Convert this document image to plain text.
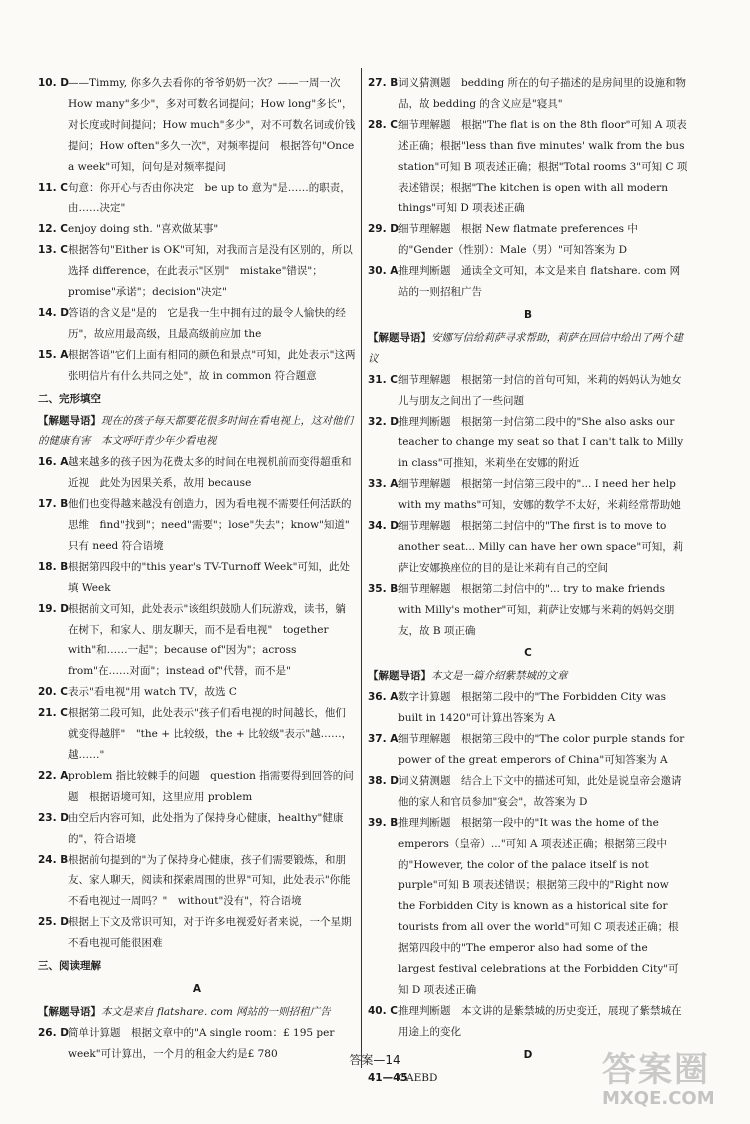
10. D ——Timmy, 你多久去看你的爷爷奶奶一次？——一周一次　How many"多少"，多对可数名词提问；How long"多长"，对长度或时间提问；How much"多少"，对不可数名词或价钱提问；How often"多久一次"，对频率提问　根据答句"Once a week"可知，问句是对频率提问
11. C 句意：你开心与否由你决定　be up to 意为"是……的职责，由……决定"
12. C enjoy doing sth. "喜欢做某事"
13. C 根据答句"Either is OK"可知，对我而言是没有区别的，所以选择 difference，在此表示"区别"　mistake"错误"；promise"承诺"；decision"决定"
14. D 答语的含义是"是的　它是我一生中拥有过的最令人愉快的经历"，故应用最高级，且最高级前应加 the
15. A 根据答语"它们上面有相同的颜色和景点"可知，此处表示"这两张明信片有什么共同之处"，故 in common 符合题意
二、完形填空
【解题导语】现在的孩子每天都要花很多时间在看电视上，这对他们的健康有害　本文呼吁青少年少看电视
16. A 越来越多的孩子因为花费太多的时间在电视机前而变得超重和近视　此处为因果关系，故用 because
17. B 他们也变得越来越没有创造力，因为看电视不需要任何活跃的思维　find"找到"；need"需要"；lose"失去"；know"知道"　只有 need 符合语境
18. B 根据第四段中的"this year's TV-Turnoff Week"可知，此处填 Week
19. D 根据前文可知，此处表示"该组织鼓励人们玩游戏，读书，躺在树下，和家人、朋友聊天，而不是看电视"　together with"和……一起"；because of"因为"；across from"在……对面"；instead of"代替，而不是"
20. C 表示"看电视"用 watch TV，故选 C
21. C 根据第二段可知，此处表示"孩子们看电视的时间越长，他们就变得越胖"　"the + 比较级，the + 比较级"表示"越……，越……"
22. A problem 指比较棘手的问题　question 指需要得到回答的问题　根据语境可知，这里应用 problem
23. D 由空后内容可知，此处指为了保持身心健康，healthy"健康的"，符合语境
24. B 根据前句提到的"为了保持身心健康，孩子们需要锻炼，和朋友、家人聊天，阅读和探索周围的世界"可知，此处表示"你能不看电视过一周吗？"　without"没有"，符合语境
25. D 根据上下文及常识可知，对于许多电视爱好者来说，一个星期不看电视可能很困难
三、阅读理解
A
【解题导语】本文是来自 flatshare. com 网站的一则招租广告
26. D 简单计算题　根据文章中的"A single room：£ 195 per week"可计算出，一个月的租金大约是£ 780
27. B 词义猜测题　bedding 所在的句子描述的是房间里的设施和物品，故 bedding 的含义应是"寝具"
28. C 细节理解题　根据"The flat is on the 8th floor"可知 A 项表述正确；根据"less than five minutes' walk from the bus station"可知 B 项表述正确；根据"Total rooms 3"可知 C 项表述错误；根据"The kitchen is open with all modern things"可知 D 项表述正确
29. D 细节理解题　根据 New flatmate preferences 中的"Gender（性别）：Male（男）"可知答案为 D
30. A 推理判断题　通读全文可知，本文是来自 flatshare. com 网站的一则招租广告
B
【解题导语】安娜写信给莉萨寻求帮助，莉萨在回信中给出了两个建议
31. C 细节理解题　根据第一封信的首句可知，米莉的妈妈认为她女儿与朋友之间出了一些问题
32. D 推理判断题　根据第一封信第二段中的"She also asks our teacher to change my seat so that I can't talk to Milly in class"可推知，米莉坐在安娜的附近
33. A 细节理解题　根据第一封信第三段中的"... I need her help with my maths"可知，安娜的数学不太好，米莉经常帮助她
34. D 细节理解题　根据第二封信中的"The first is to move to another seat... Milly can have her own space"可知，莉萨让安娜换座位的目的是让米莉有自己的空间
35. B 细节理解题　根据第二封信中的"... try to make friends with Milly's mother"可知，莉萨让安娜与米莉的妈妈交朋友，故 B 项正确
C
【解题导语】本文是一篇介绍紫禁城的文章
36. A 数字计算题　根据第二段中的"The Forbidden City was built in 1420"可计算出答案为 A
37. A 细节理解题　根据第三段中的"The color purple stands for power of the great emperors of China"可知答案为 A
38. D 词义猜测题　结合上下文中的描述可知，此处是说皇帝会邀请他的家人和官员参加"宴会"，故答案为 D
39. B 推理判断题　根据第一段中的"It was the home of the emperors（皇帝）..."可知 A 项表述正确；根据第三段中的"However, the color of the palace itself is not purple"可知 B 项表述错误；根据第三段中的"Right now the Forbidden City is known as a historical site for tourists from all over the world"可知 C 项表述正确；根据第四段中的"The emperor also had some of the largest festival celebrations at the Forbidden City"可知 D 项表述正确
40. C 推理判断题　本文讲的是紫禁城的历史变迁，展现了紫禁城在用途上的变化
D
41—45
CAEBD
答案—14	答案圈
MXQE.COM
